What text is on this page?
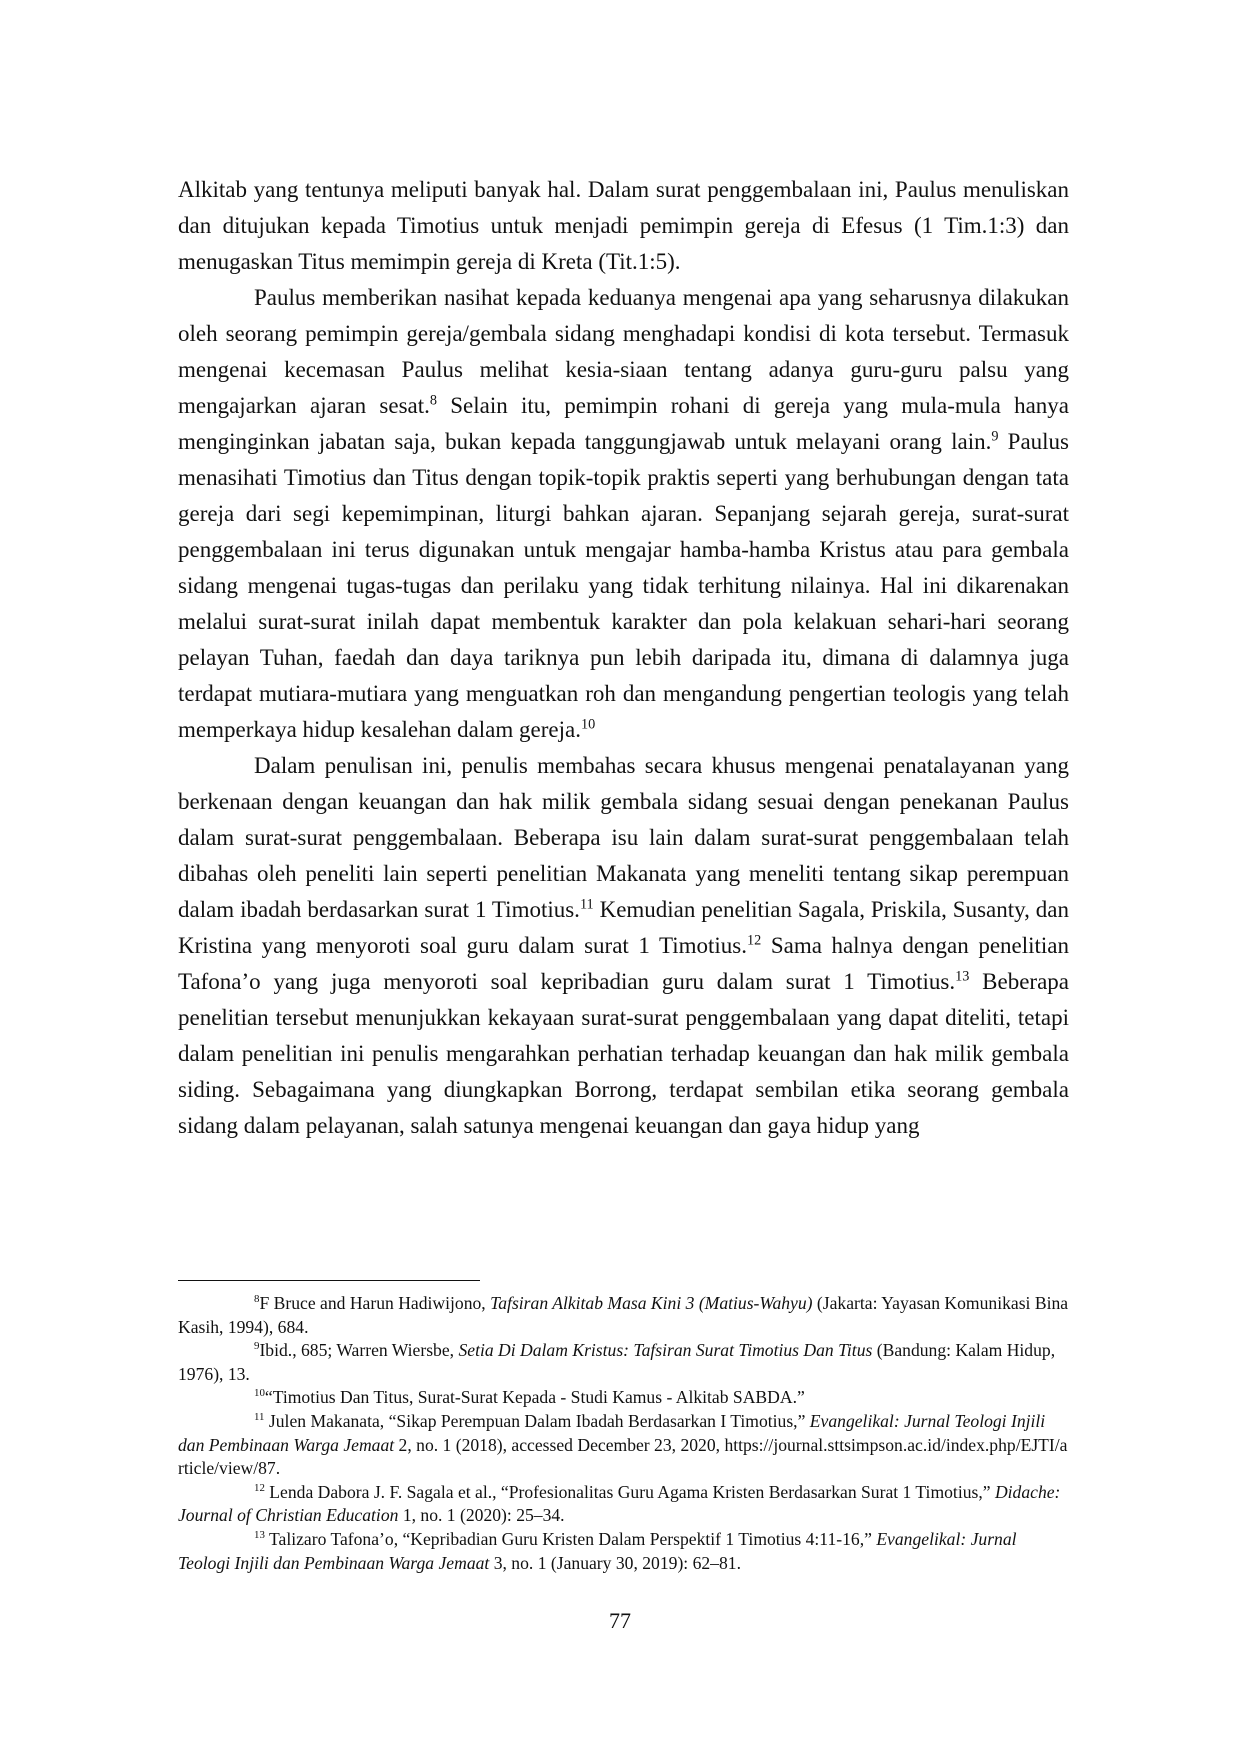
Alkitab yang tentunya meliputi banyak hal. Dalam surat penggembalaan ini, Paulus menuliskan dan ditujukan kepada Timotius untuk menjadi pemimpin gereja di Efesus (1 Tim.1:3) dan menugaskan Titus memimpin gereja di Kreta (Tit.1:5).

Paulus memberikan nasihat kepada keduanya mengenai apa yang seharusnya dilakukan oleh seorang pemimpin gereja/gembala sidang menghadapi kondisi di kota tersebut. Termasuk mengenai kecemasan Paulus melihat kesia-siaan tentang adanya guru-guru palsu yang mengajarkan ajaran sesat.$^8$ Selain itu, pemimpin rohani di gereja yang mula-mula hanya menginginkan jabatan saja, bukan kepada tanggungjawab untuk melayani orang lain.$^9$ Paulus menasihati Timotius dan Titus dengan topik-topik praktis seperti yang berhubungan dengan tata gereja dari segi kepemimpinan, liturgi bahkan ajaran. Sepanjang sejarah gereja, surat-surat penggembalaan ini terus digunakan untuk mengajar hamba-hamba Kristus atau para gembala sidang mengenai tugas-tugas dan perilaku yang tidak terhitung nilainya. Hal ini dikarenakan melalui surat-surat inilah dapat membentuk karakter dan pola kelakuan sehari-hari seorang pelayan Tuhan, faedah dan daya tariknya pun lebih daripada itu, dimana di dalamnya juga terdapat mutiara-mutiara yang menguatkan roh dan mengandung pengertian teologis yang telah memperkaya hidup kesalehan dalam gereja.$^{10}$

Dalam penulisan ini, penulis membahas secara khusus mengenai penatalayanan yang berkenaan dengan keuangan dan hak milik gembala sidang sesuai dengan penekanan Paulus dalam surat-surat penggembalaan. Beberapa isu lain dalam surat-surat penggembalaan telah dibahas oleh peneliti lain seperti penelitian Makanata yang meneliti tentang sikap perempuan dalam ibadah berdasarkan surat 1 Timotius.$^{11}$ Kemudian penelitian Sagala, Priskila, Susanty, dan Kristina yang menyoroti soal guru dalam surat 1 Timotius.$^{12}$ Sama halnya dengan penelitian Tafona’o yang juga menyoroti soal kepribadian guru dalam surat 1 Timotius.$^{13}$ Beberapa penelitian tersebut menunjukkan kekayaan surat-surat penggembalaan yang dapat diteliti, tetapi dalam penelitian ini penulis mengarahkan perhatian terhadap keuangan dan hak milik gembala siding. Sebagaimana yang diungkapkan Borrong, terdapat sembilan etika seorang gembala sidang dalam pelayanan, salah satunya mengenai keuangan dan gaya hidup yang

$^8$F Bruce and Harun Hadiwijono, Tafsiran Alkitab Masa Kini 3 (Matius-Wahyu) (Jakarta: Yayasan Komunikasi Bina Kasih, 1994), 684.

$^9$Ibid., 685; Warren Wiersbe, Setia Di Dalam Kristus: Tafsiran Surat Timotius Dan Titus (Bandung: Kalam Hidup, 1976), 13.

$^{10}$“Timotius Dan Titus, Surat-Surat Kepada - Studi Kamus - Alkitab SABDA.”

$^{11}$ Julen Makanata, “Sikap Perempuan Dalam Ibadah Berdasarkan I Timotius,” Evangelikal: Jurnal Teologi Injili dan Pembinaan Warga Jemaat 2, no. 1 (2018), accessed December 23, 2020, https://journal.sttsimpson.ac.id/index.php/EJTI/article/view/87.

$^{12}$ Lenda Dabora J. F. Sagala et al., “Profesionalitas Guru Agama Kristen Berdasarkan Surat 1 Timotius,” Didache: Journal of Christian Education 1, no. 1 (2020): 25–34.

$^{13}$ Talizaro Tafona’o, “Kepribadian Guru Kristen Dalam Perspektif 1 Timotius 4:11-16,” Evangelikal: Jurnal Teologi Injili dan Pembinaan Warga Jemaat 3, no. 1 (January 30, 2019): 62–81.

77
